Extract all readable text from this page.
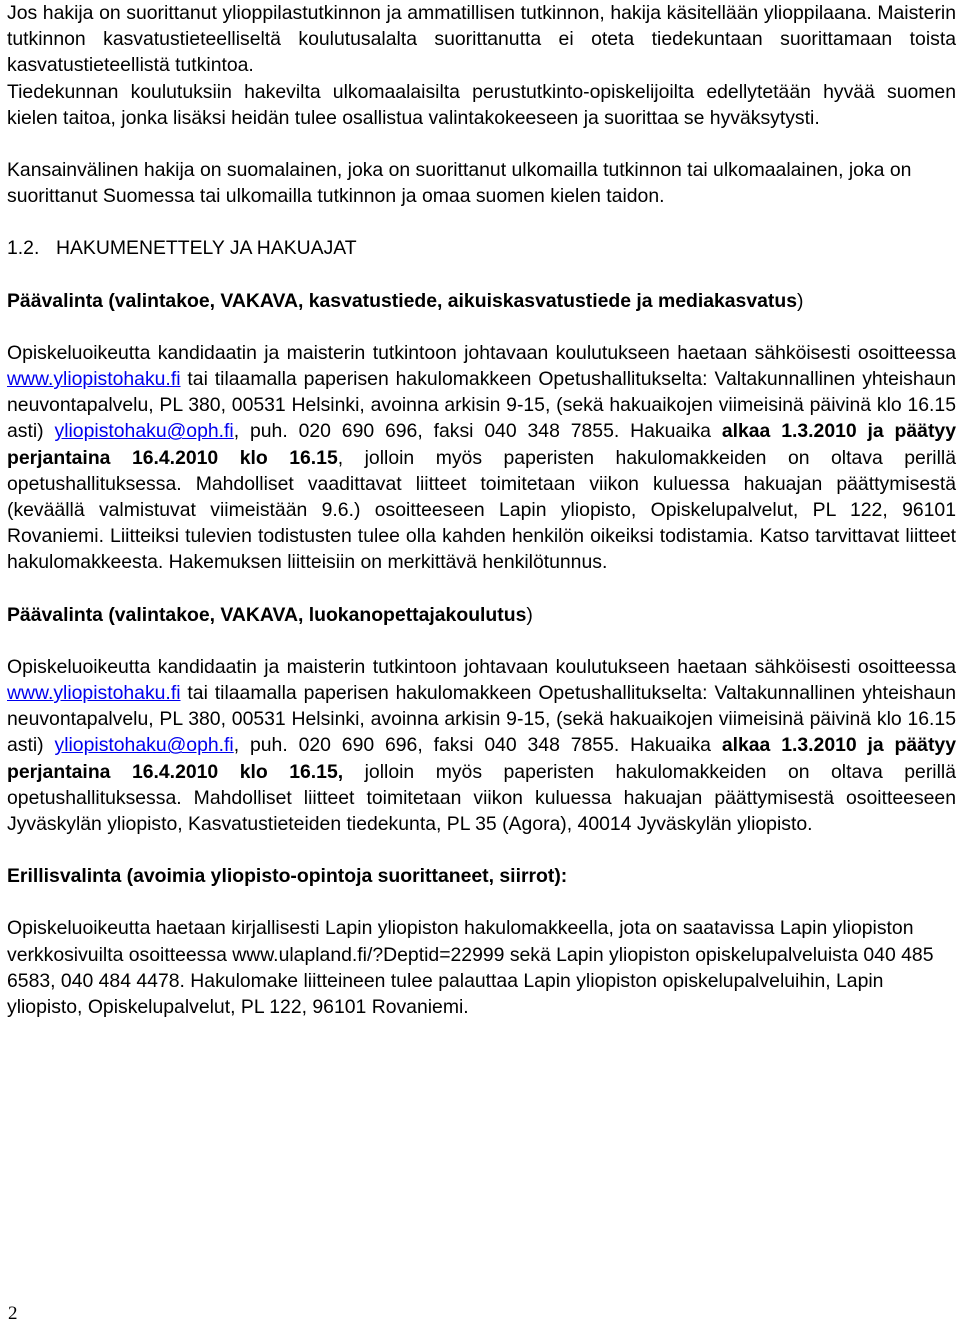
Jos hakija on suorittanut ylioppilastutkinnon ja ammatillisen tutkinnon, hakija käsitellään ylioppilaana. Maisterin tutkinnon kasvatustieteelliseltä koulutusalalta suorittanutta ei oteta tiedekuntaan suorittamaan toista kasvatustieteellistä tutkintoa.

Tiedekunnan koulutuksiin hakevilta ulkomaalaisilta perustutkinto-opiskelijoilta edellytetään hyvää suomen kielen taitoa, jonka lisäksi heidän tulee osallistua valintakokeeseen ja suorittaa se hyväksytysti.

Kansainvälinen hakija on suomalainen, joka on suorittanut ulkomailla tutkinnon tai ulkomaalainen, joka on suorittanut Suomessa tai ulkomailla tutkinnon ja omaa suomen kielen taidon.

1.2. HAKUMENETTELY JA HAKUAJAT

Päävalinta (valintakoe, VAKAVA, kasvatustiede, aikuiskasvatustiede ja mediakasvatus)

Opiskeluoikeutta kandidaatin ja maisterin tutkintoon johtavaan koulutukseen haetaan sähköisesti osoitteessa www.yliopistohaku.fi tai tilaamalla paperisen hakulomakkeen Opetushallitukselta: Valtakunnallinen yhteishaun neuvontapalvelu, PL 380, 00531 Helsinki, avoinna arkisin 9-15, (sekä hakuaikojen viimeisinä päivinä klo 16.15 asti) yliopistohaku@oph.fi, puh. 020 690 696, faksi 040 348 7855. Hakuaika alkaa 1.3.2010 ja päätyy perjantaina 16.4.2010 klo 16.15, jolloin myös paperisten hakulomakkeiden on oltava perillä opetushallituksessa. Mahdolliset vaadittavat liitteet toimitetaan viikon kuluessa hakuajan päättymisestä (keväällä valmistuvat viimeistään 9.6.) osoitteeseen Lapin yliopisto, Opiskelupalvelut, PL 122, 96101 Rovaniemi. Liitteiksi tulevien todistusten tulee olla kahden henkilön oikeiksi todistamia. Katso tarvittavat liitteet hakulomakkeesta. Hakemuksen liitteisiin on merkittävä henkilötunnus.

Päävalinta (valintakoe, VAKAVA, luokanopettajakoulutus)

Opiskeluoikeutta kandidaatin ja maisterin tutkintoon johtavaan koulutukseen haetaan sähköisesti osoitteessa www.yliopistohaku.fi tai tilaamalla paperisen hakulomakkeen Opetushallitukselta: Valtakunnallinen yhteishaun neuvontapalvelu, PL 380, 00531 Helsinki, avoinna arkisin 9-15, (sekä hakuaikojen viimeisinä päivinä klo 16.15 asti) yliopistohaku@oph.fi, puh. 020 690 696, faksi 040 348 7855. Hakuaika alkaa 1.3.2010 ja päätyy perjantaina 16.4.2010 klo 16.15, jolloin myös paperisten hakulomakkeiden on oltava perillä opetushallituksessa. Mahdolliset liitteet toimitetaan viikon kuluessa hakuajan päättymisestä osoitteeseen Jyväskylän yliopisto, Kasvatustieteiden tiedekunta, PL 35 (Agora), 40014 Jyväskylän yliopisto.

Erillisvalinta (avoimia yliopisto-opintoja suorittaneet, siirrot):

Opiskeluoikeutta haetaan kirjallisesti Lapin yliopiston hakulomakkeella, jota on saatavissa Lapin yliopiston verkkosivuilta osoitteessa www.ulapland.fi/?Deptid=22999 sekä Lapin yliopiston opiskelupalveluista 040 485 6583, 040 484 4478. Hakulomake liitteineen tulee palauttaa Lapin yliopiston opiskelupalveluihin, Lapin yliopisto, Opiskelupalvelut, PL 122, 96101 Rovaniemi.

2
